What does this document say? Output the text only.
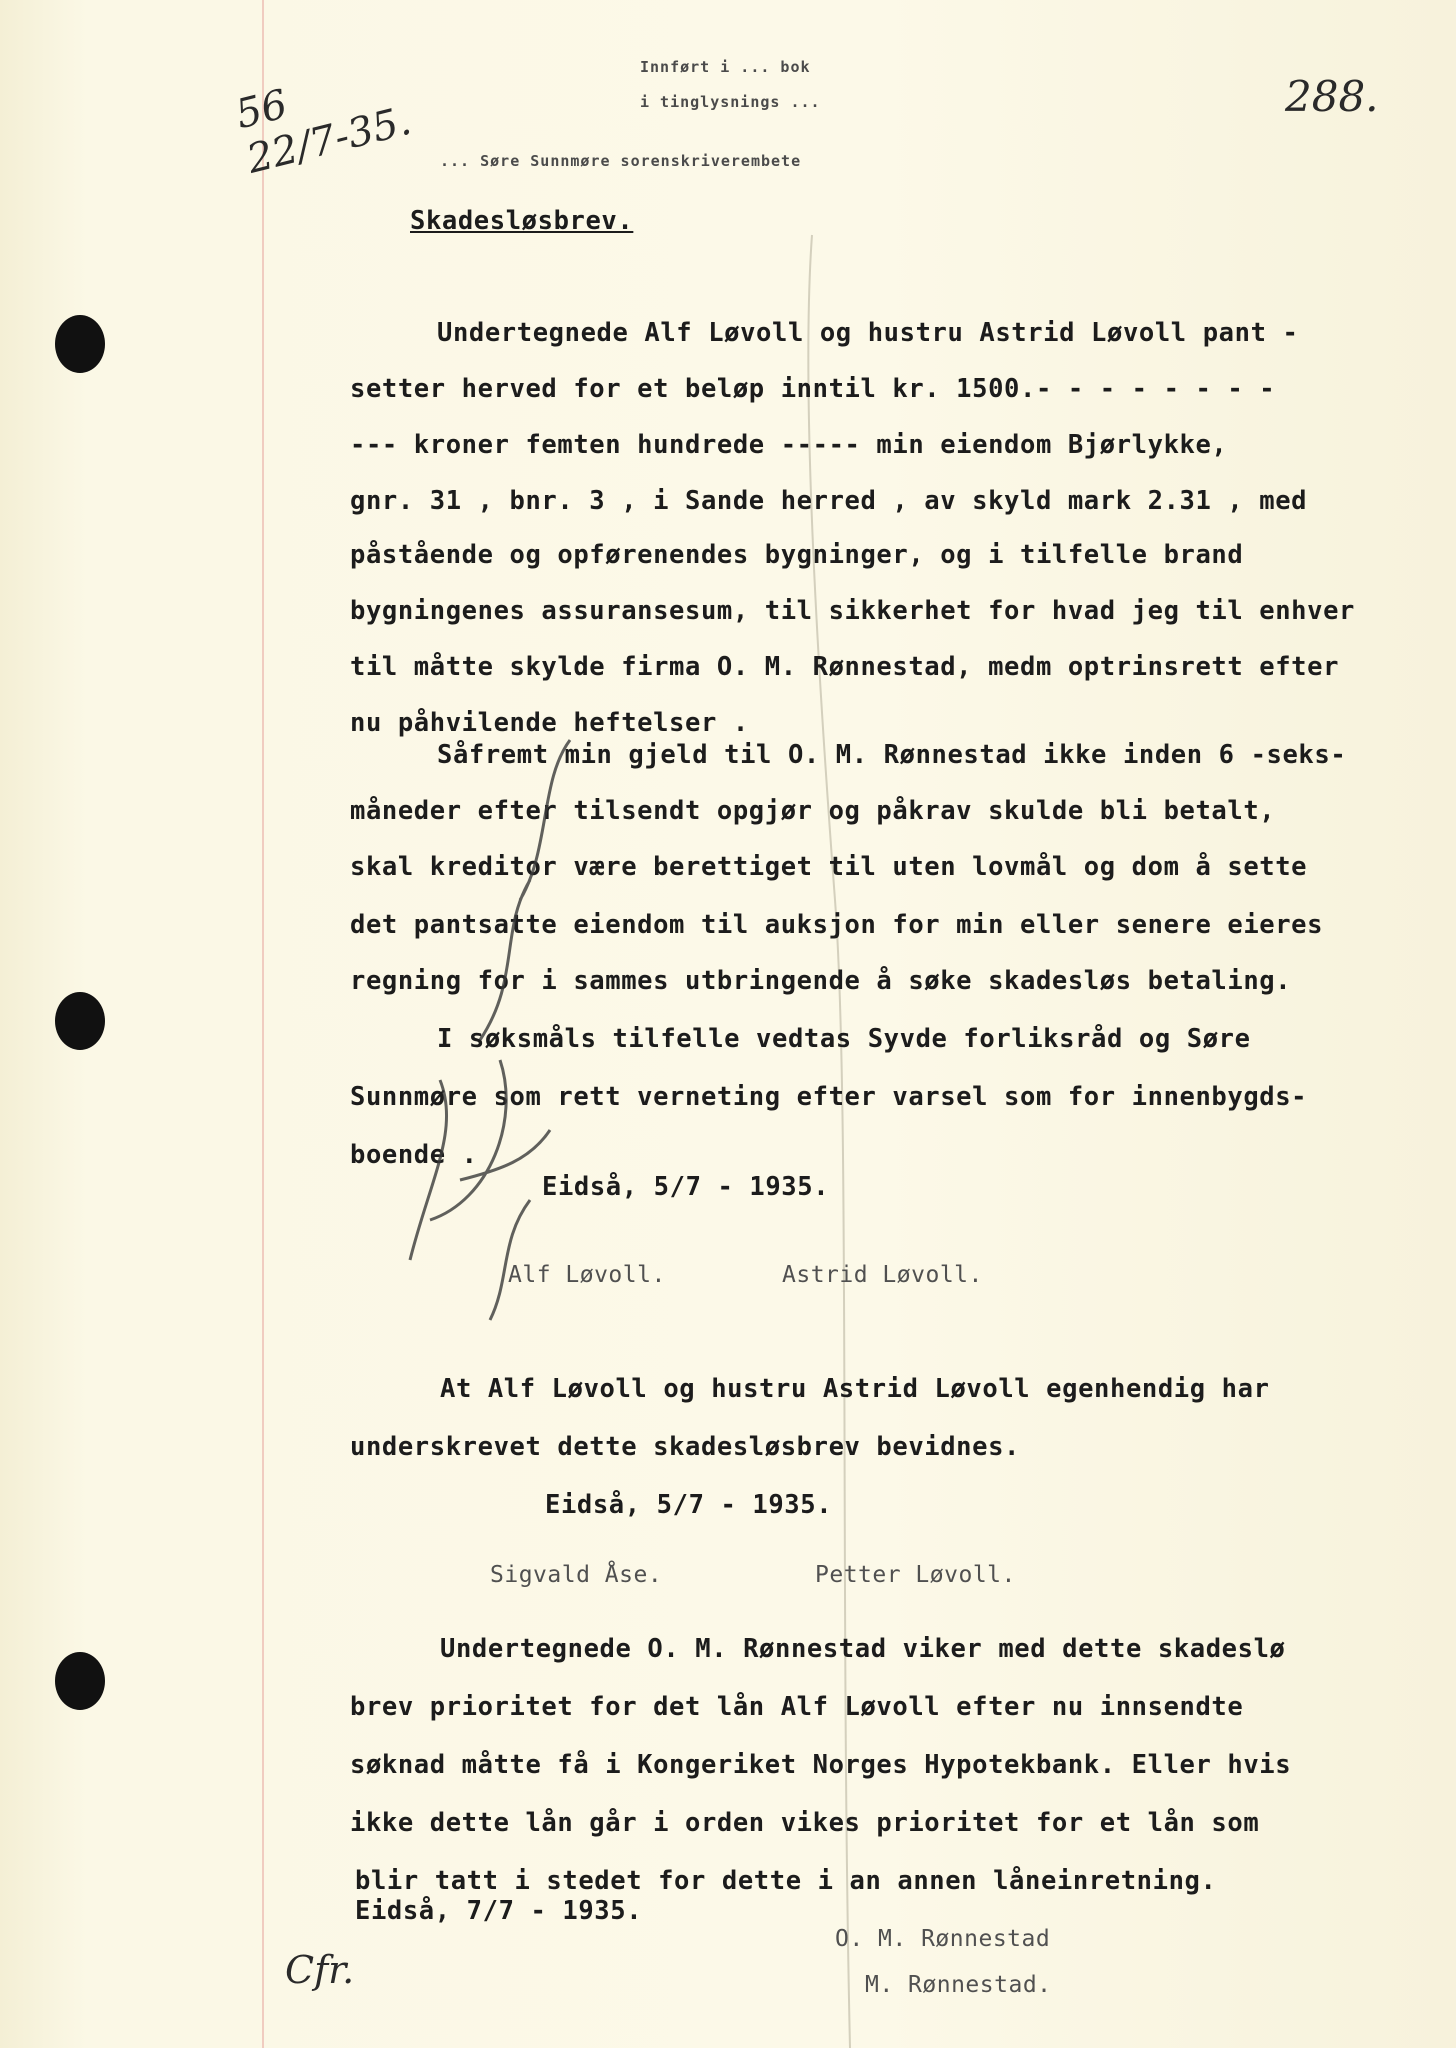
56
22/7-35.
288.
Innført i ... bok
i tinglysnings ...
... Søre Sunnmøre sorenskriverembete
Skadesløsbrev.
Undertegnede Alf Løvoll og hustru Astrid Løvoll pant -
setter herved for et beløp inntil kr. 1500.- - - - - - - -
--- kroner femten hundrede ----- min eiendom Bjørlykke,
gnr. 31 , bnr. 3 , i Sande herred , av skyld mark 2.31 , med
påstående og opførenendes bygninger, og i tilfelle brand
bygningenes assuransesum, til sikkerhet for hvad jeg til enhver
til måtte skylde firma O. M. Rønnestad, medm optrinsrett efter
nu påhvilende heftelser .
Såfremt min gjeld til O. M. Rønnestad ikke inden 6 -seks-
måneder efter tilsendt opgjør og påkrav skulde bli betalt,
skal kreditor være berettiget til uten lovmål og dom å sette
det pantsatte eiendom til auksjon for min eller senere eieres
regning for i sammes utbringende å søke skadesløs betaling.
I søksmåls tilfelle vedtas Syvde forliksråd og Søre
Sunnmøre som rett verneting efter varsel som for innenbygds-
boende .
Eidså, 5/7 - 1935.
Alf Løvoll.	Astrid Løvoll.
At Alf Løvoll og hustru Astrid Løvoll egenhendig har
underskrevet dette skadesløsbrev bevidnes.
Eidså, 5/7 - 1935.
Sigvald Åse.	Petter Løvoll.
Undertegnede O. M. Rønnestad viker med dette skadeslø
brev prioritet for det lån Alf Løvoll efter nu innsendte
søknad måtte få i Kongeriket Norges Hypotekbank. Eller hvis
ikke dette lån går i orden vikes prioritet for et lån som
blir tatt i stedet for dette i an annen låneinretning.
Eidså, 7/7 - 1935.
O. M. Rønnestad
M. Rønnestad.
Cfr.
